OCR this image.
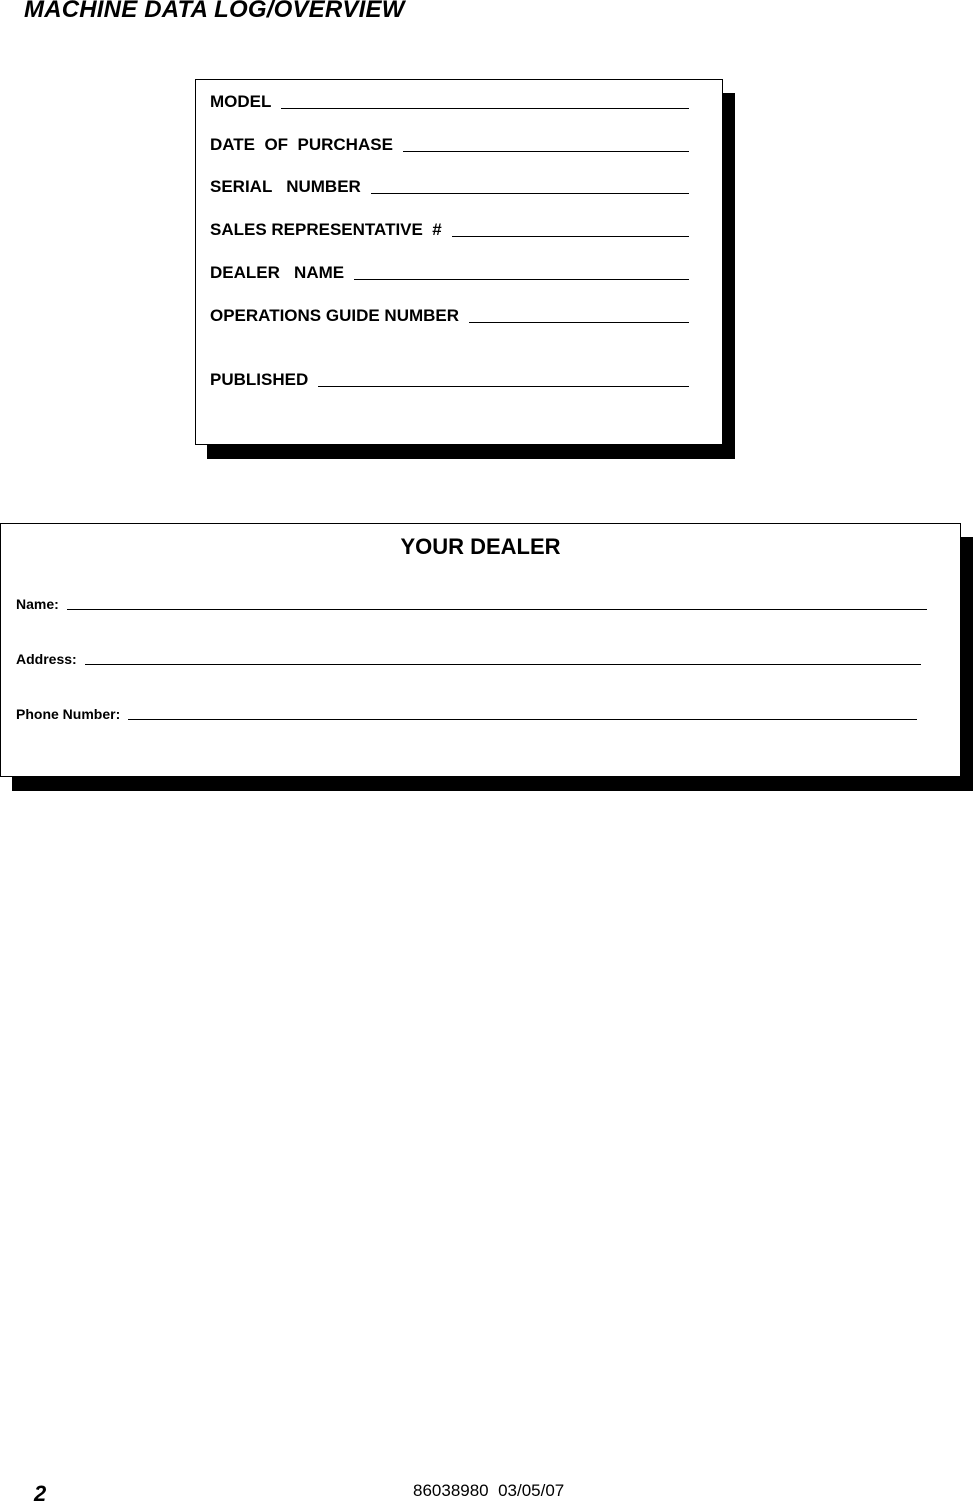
MACHINE DATA LOG/OVERVIEW
MODEL
DATE  OF  PURCHASE
SERIAL   NUMBER
SALES REPRESENTATIVE  #
DEALER   NAME
OPERATIONS GUIDE NUMBER
PUBLISHED
YOUR DEALER
Name:
Address:
Phone Number:
2	86038980  03/05/07
